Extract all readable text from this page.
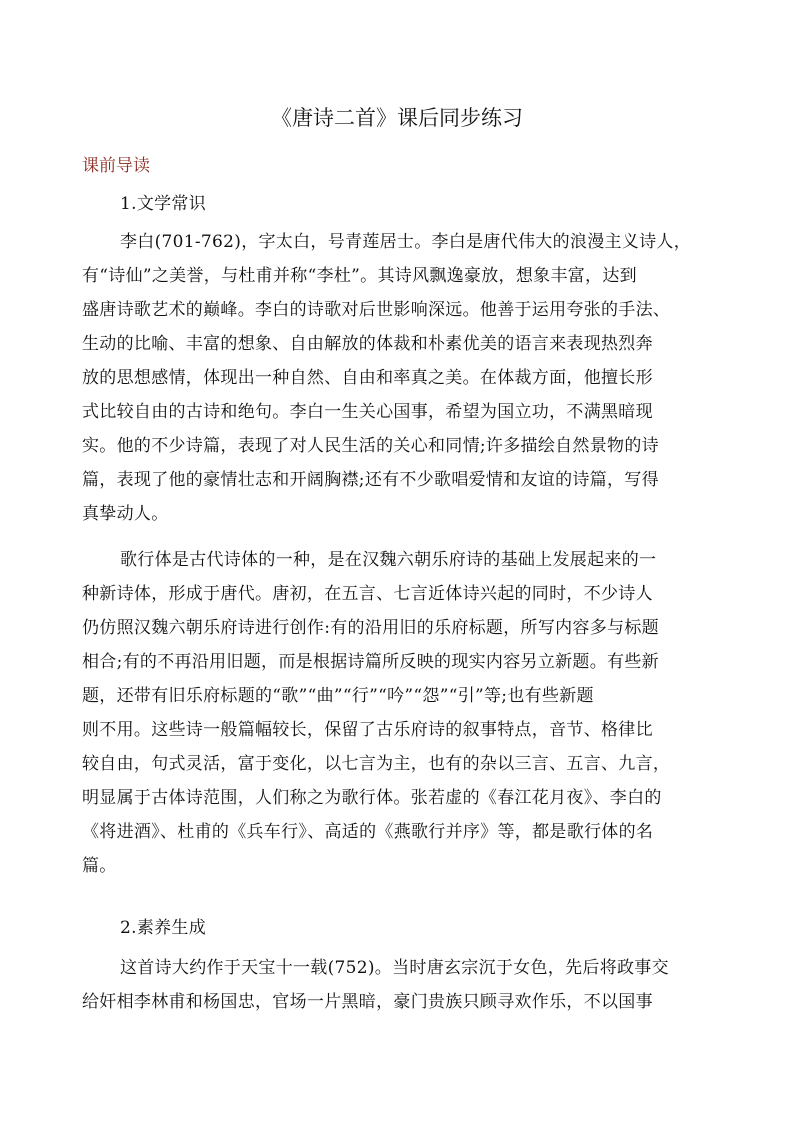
《唐诗二首》课后同步练习
课前导读
1.文学常识
李白(701-762)，字太白，号青莲居士。李白是唐代伟大的浪漫主义诗人，
有“诗仙”之美誉，与杜甫并称“李杜”。其诗风飘逸豪放，想象丰富，达到
盛唐诗歌艺术的巅峰。李白的诗歌对后世影响深远。他善于运用夸张的手法、
生动的比喻、丰富的想象、自由解放的体裁和朴素优美的语言来表现热烈奔
放的思想感情，体现出一种自然、自由和率真之美。在体裁方面，他擅长形
式比较自由的古诗和绝句。李白一生关心国事，希望为国立功，不满黑暗现
实。他的不少诗篇，表现了对人民生活的关心和同情;许多描绘自然景物的诗
篇，表现了他的豪情壮志和开阔胸襟;还有不少歌唱爱情和友谊的诗篇，写得
真挚动人。
歌行体是古代诗体的一种，是在汉魏六朝乐府诗的基础上发展起来的一
种新诗体，形成于唐代。唐初，在五言、七言近体诗兴起的同时，不少诗人
仍仿照汉魏六朝乐府诗进行创作:有的沿用旧的乐府标题，所写内容多与标题
相合;有的不再沿用旧题，而是根据诗篇所反映的现实内容另立新题。有些新
题，还带有旧乐府标题的“歌”“曲”“行”“吟”“怨”“引”等;也有些新题
则不用。这些诗一般篇幅较长，保留了古乐府诗的叙事特点，音节、格律比
较自由，句式灵活，富于变化，以七言为主，也有的杂以三言、五言、九言，
明显属于古体诗范围，人们称之为歌行体。张若虚的《春江花月夜》、李白的
《将进酒》、杜甫的《兵车行》、高适的《燕歌行并序》等，都是歌行体的名
篇。
2.素养生成
这首诗大约作于天宝十一载(752)。当时唐玄宗沉于女色，先后将政事交
给奸相李林甫和杨国忠，官场一片黑暗，豪门贵族只顾寻欢作乐，不以国事
